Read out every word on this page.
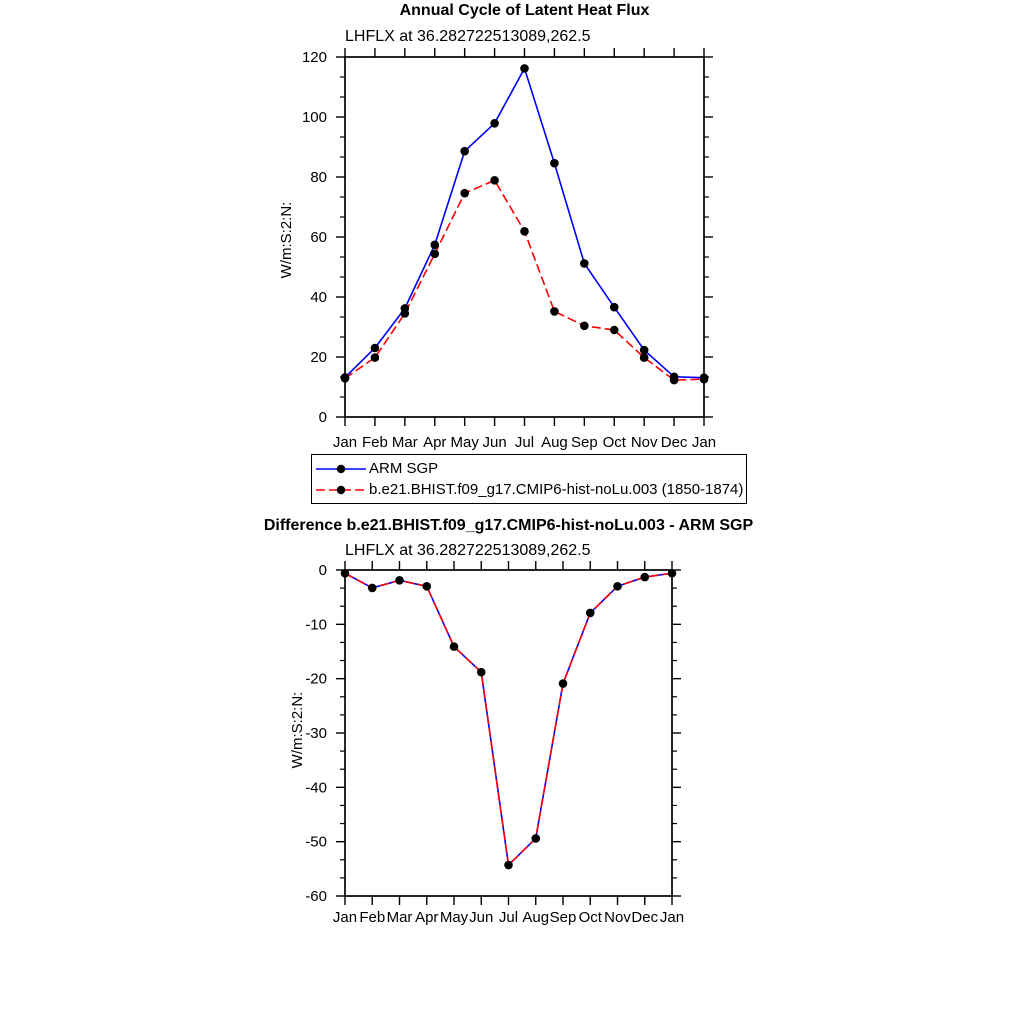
W/m:S:2:N:
W/m:S:2:N:
Jan Feb Mar Apr May Jun Jul Aug Sep Oct Nov Dec Jan
0
20
40
60
80
100
120
Jan Feb Mar Apr May Jun Jul Aug Sep Oct Nov Dec Jan
-60
-50
-40
-30
-20
-10
0
Annual Cycle of Latent Heat Flux
LHFLX at 36.282722513089,262.5
ARM SGP
b.e21.BHIST.f09_g17.CMIP6-hist-noLu.003 (1850-1874)
Difference b.e21.BHIST.f09_g17.CMIP6-hist-noLu.003 - ARM SGP
LHFLX at 36.282722513089,262.5
